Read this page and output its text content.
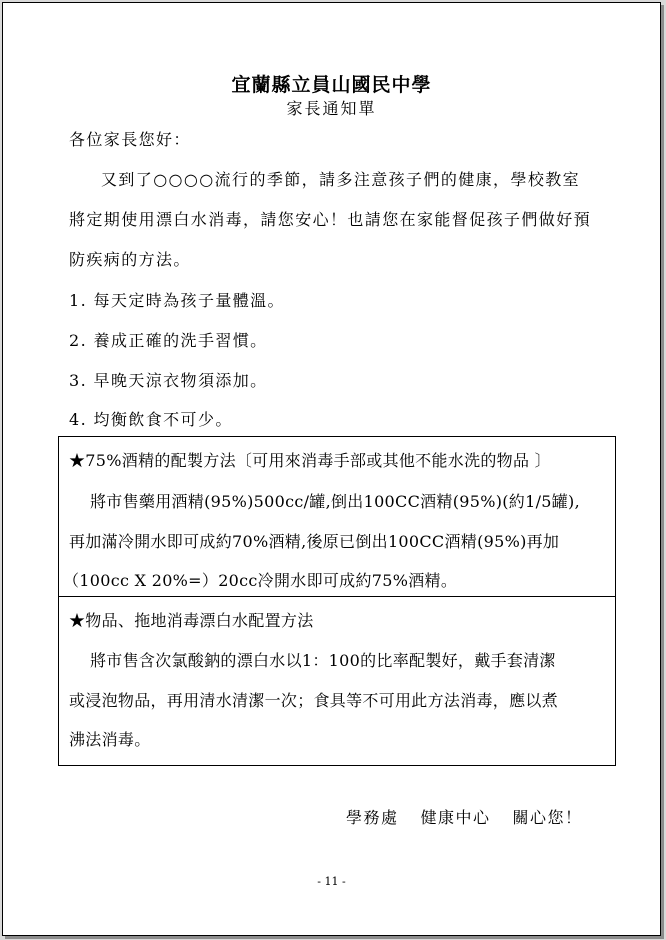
宜蘭縣立員山國民中學
家長通知單
各位家長您好：
又到了○○○○流行的季節，請多注意孩子們的健康，學校教室
將定期使用漂白水消毒，請您安心！也請您在家能督促孩子們做好預
防疾病的方法。
1. 每天定時為孩子量體溫。
2. 養成正確的洗手習慣。
3. 早晚天涼衣物須添加。
4. 均衡飲食不可少。
★75%酒精的配製方法〔可用來消毒手部或其他不能水洗的物品 〕
將市售藥用酒精(95%)500cc/罐,倒出100CC酒精(95%)(約1/5罐),
再加滿冷開水即可成約70%酒精,後原已倒出100CC酒精(95%)再加
（100cc X 20%=）20cc冷開水即可成約75%酒精。
★物品、拖地消毒漂白水配置方法
將市售含次氯酸鈉的漂白水以1：100的比率配製好，戴手套清潔
或浸泡物品，再用清水清潔一次；食具等不可用此方法消毒，應以煮
沸法消毒。
學務處 健康中心 關心您！
- 11 -
